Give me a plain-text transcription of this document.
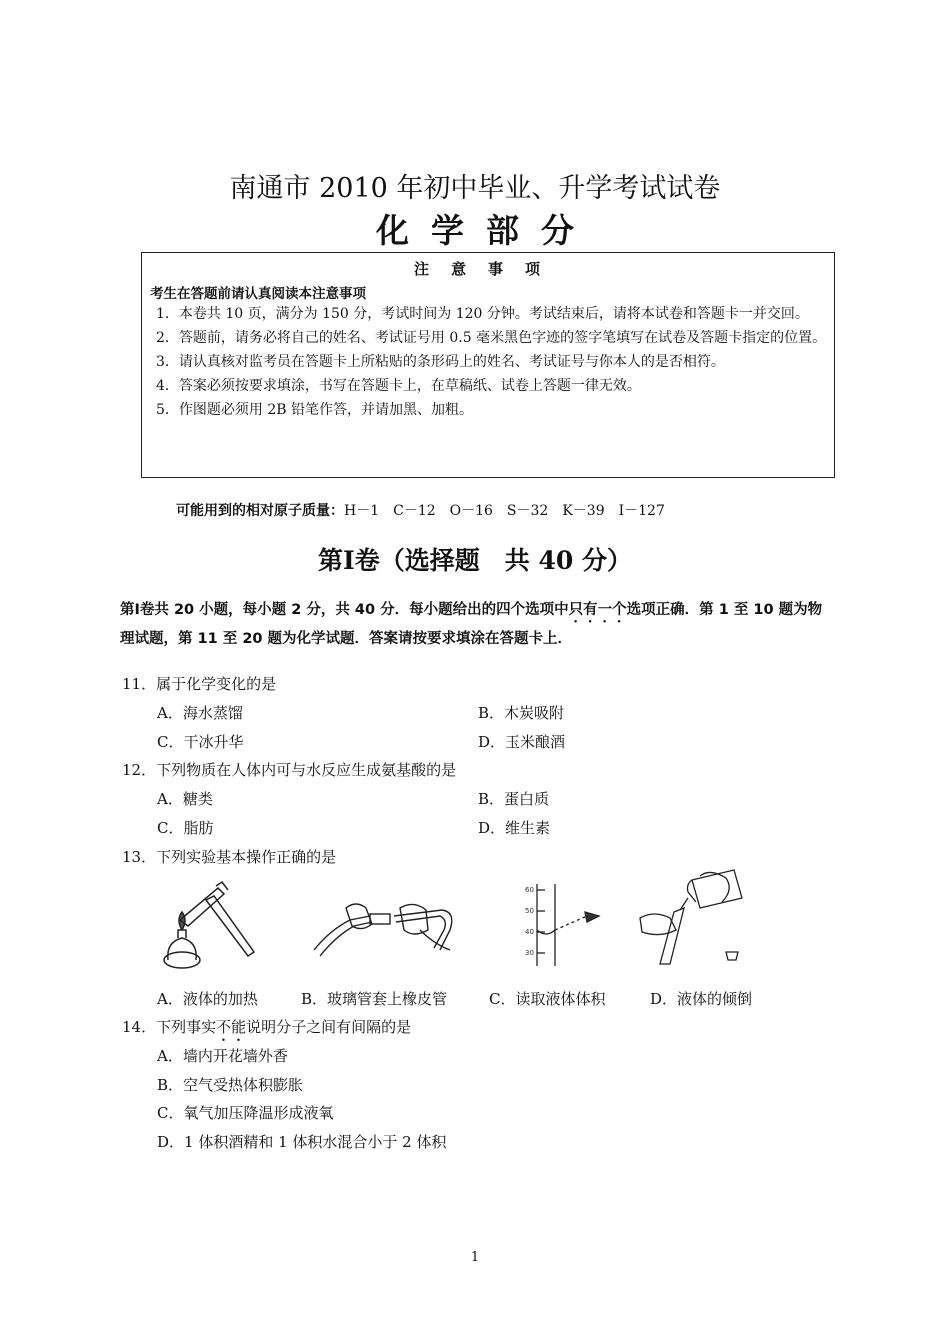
南通市 2010 年初中毕业、升学考试试卷
化学部分
注意事项
考生在答题前请认真阅读本注意事项
1．本卷共 10 页，满分为 150 分，考试时间为 120 分钟。考试结束后，请将本试卷和答题卡一并交回。
2．答题前，请务必将自己的姓名、考试证号用 0.5 毫米黑色字迹的签字笔填写在试卷及答题卡指定的位置。
3．请认真核对监考员在答题卡上所粘贴的条形码上的姓名、考试证号与你本人的是否相符。
4．答案必须按要求填涂，书写在答题卡上，在草稿纸、试卷上答题一律无效。
5．作图题必须用 2B 铅笔作答，并请加黑、加粗。
可能用到的相对原子质量：H－1　C－12　O－16　S－32　K－39　I－127
第Ⅰ卷（选择题　共 40 分）
第Ⅰ卷共 20 小题，每小题 2 分，共 40 分．每小题给出的四个选项中只有一个选项正确．第 1 至 10 题为物理试题，第 11 至 20 题为化学试题．答案请按要求填涂在答题卡上．
11．属于化学变化的是
A．海水蒸馏	B．木炭吸附
C．干冰升华	D．玉米酿酒
12．下列物质在人体内可与水反应生成氨基酸的是
A．糖类	B．蛋白质
C．脂肪	D．维生素
13．下列实验基本操作正确的是
60
50
40
30
A．液体的加热	B．玻璃管套上橡皮管	C．读取液体体积	D．液体的倾倒
14．下列事实不能说明分子之间有间隔的是
A．墙内开花墙外香
B．空气受热体积膨胀
C．氧气加压降温形成液氧
D．1 体积酒精和 1 体积水混合小于 2 体积
1
